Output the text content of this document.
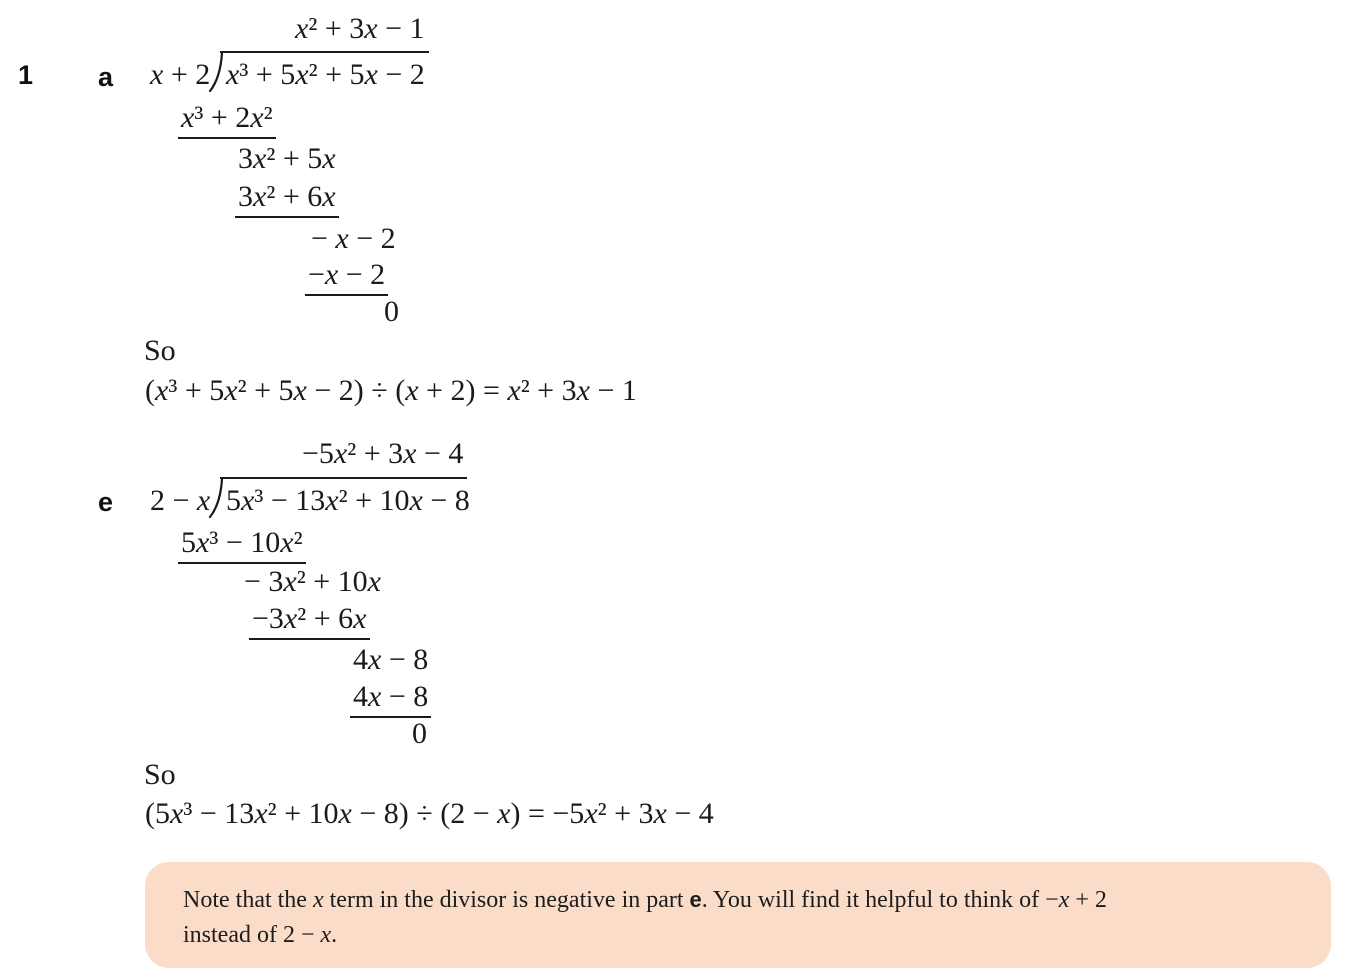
1 a
x² + 3x − 1
x + 2 x³ + 5x² + 5x − 2
x³ + 2x²
3x² + 5x
3x² + 6x
− x − 2
−x − 2
0
So
(x³ + 5x² + 5x − 2) ÷ (x + 2) = x² + 3x − 1
−5x² + 3x − 4
e 2 − x 5x³ − 13x² + 10x − 8
5x³ − 10x²
− 3x² + 10x
−3x² + 6x
4x − 8
4x − 8
0
So
(5x³ − 13x² + 10x − 8) ÷ (2 − x) = −5x² + 3x − 4
Note that the x term in the divisor is negative in part e. You will find it helpful to think of −x + 2
instead of 2 − x.
